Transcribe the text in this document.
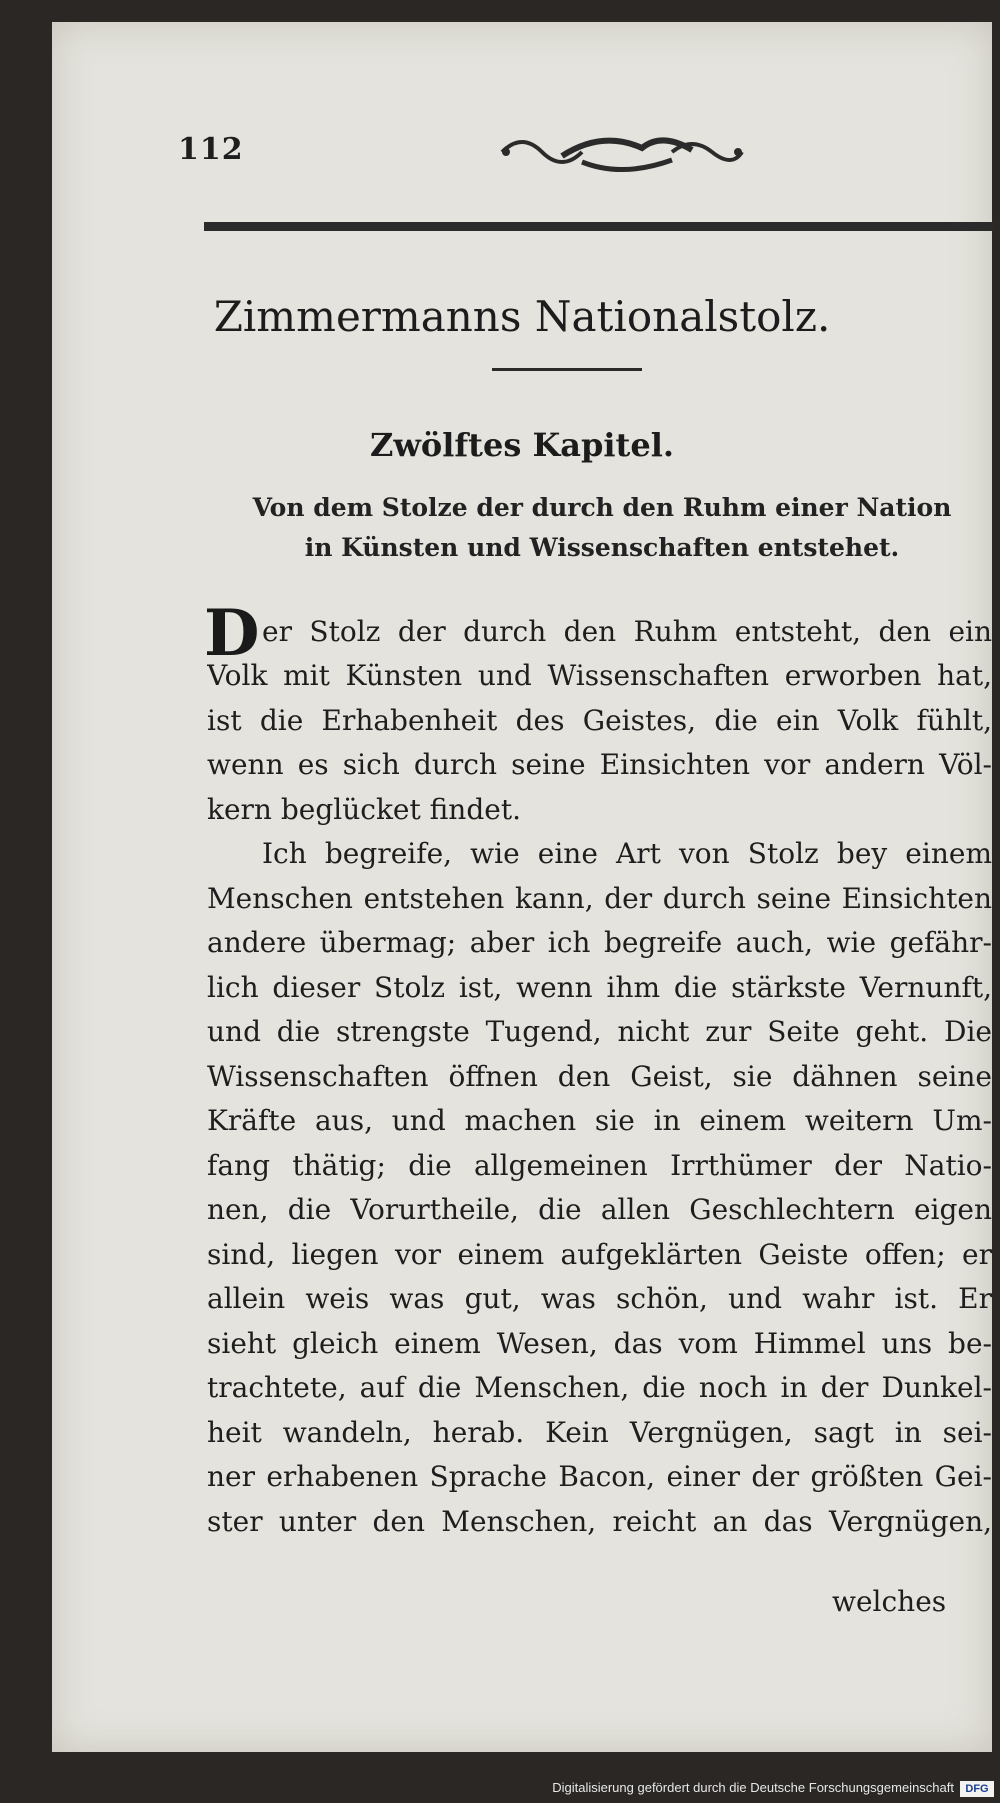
112
Zimmermanns Nationalstolz.
Zwölftes Kapitel.
Von dem Stolze der durch den Ruhm einer Nation
in Künsten und Wissenschaften entstehet.
D er Stolz der durch den Ruhm entsteht, den ein
Volk mit Künsten und Wissenschaften erworben hat,
ist die Erhabenheit des Geistes, die ein Volk fühlt,
wenn es sich durch seine Einsichten vor andern Völ-
kern beglücket findet.
Ich begreife, wie eine Art von Stolz bey einem
Menschen entstehen kann, der durch seine Einsichten
andere übermag; aber ich begreife auch, wie gefähr-
lich dieser Stolz ist, wenn ihm die stärkste Vernunft,
und die strengste Tugend, nicht zur Seite geht. Die
Wissenschaften öffnen den Geist, sie dähnen seine
Kräfte aus, und machen sie in einem weitern Um-
fang thätig; die allgemeinen Irrthümer der Natio-
nen, die Vorurtheile, die allen Geschlechtern eigen
sind, liegen vor einem aufgeklärten Geiste offen; er
allein weis was gut, was schön, und wahr ist. Er
sieht gleich einem Wesen, das vom Himmel uns be-
trachtete, auf die Menschen, die noch in der Dunkel-
heit wandeln, herab. Kein Vergnügen, sagt in sei-
ner erhabenen Sprache Bacon, einer der größten Gei-
ster unter den Menschen, reicht an das Vergnügen,
welches
Digitalisierung gefördert durch die Deutsche Forschungsgemeinschaft	DFG
